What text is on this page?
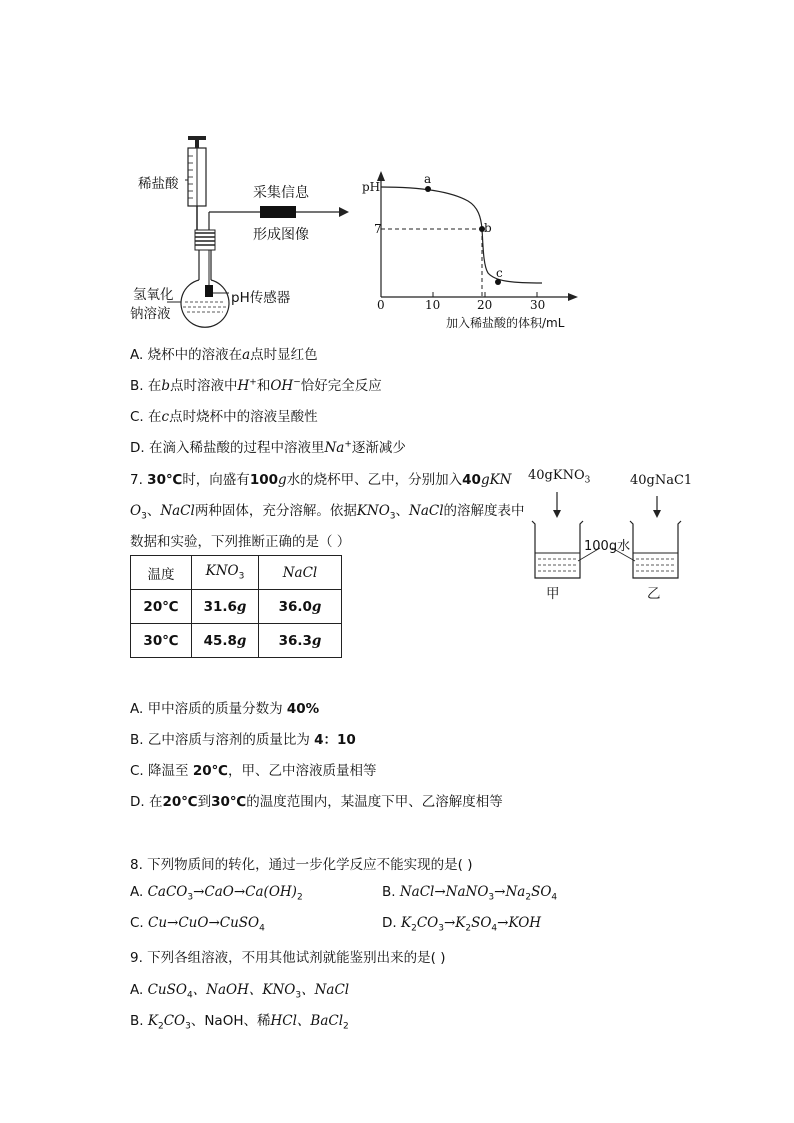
稀盐酸
采集信息
形成图像
氢氧化
钠溶液
pH传感器
pH
7
a
b
c
0	10	20	30
加入稀盐酸的体积/mL
A. 烧杯中的溶液在a点时显红色
B. 在b点时溶液中H+和OH−恰好完全反应
C. 在c点时烧杯中的溶液呈酸性
D. 在滴入稀盐酸的过程中溶液里Na+逐渐减少
7. 30℃时，向盛有100g水的烧杯甲、乙中，分别加入40gKN
$O_3$、NaCl两种固体，充分溶解。依据$KNO_3$、NaCl的溶解度表中
数据和实验，下列推断正确的是（ ）
温度	$KNO_3$	NaCl
20℃	31.6g	36.0g
30℃	45.8g	36.3g
40gKNO$_3$	40gNaC1
100g水
甲	乙
A. 甲中溶质的质量分数为 40%
B. 乙中溶质与溶剂的质量比为 4：10
C. 降温至 20℃，甲、乙中溶液质量相等
D. 在20℃到30℃的温度范围内，某温度下甲、乙溶解度相等
8. 下列物质间的转化，通过一步化学反应不能实现的是( )
A. $CaCO_3\to CaO\to Ca(OH)_2$	B. $NaCl\to NaNO_3\to Na_2SO_4$
C. Cu→CuO→CuSO$_4$	D. $K_2CO_3\to K_2SO_4\to KOH$
9. 下列各组溶液，不用其他试剂就能鉴别出来的是( )
A. CuSO$_4$、NaOH、$KNO_3$、NaCl
B. $K_2CO_3$、NaOH、稀HCl、BaCl$_2$
